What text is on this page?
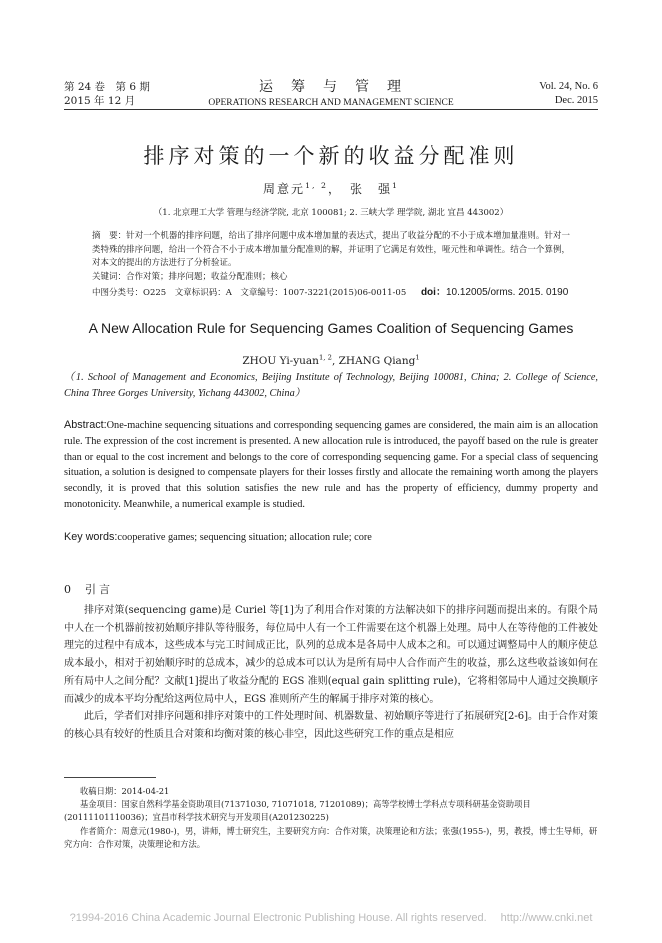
第 24 卷　第 6 期
2015 年 12 月
运　筹　与　管　理
OPERATIONS RESEARCH AND MANAGEMENT SCIENCE
Vol. 24, No. 6
Dec. 2015
排序对策的一个新的收益分配准则
周意元$^{1, 2}$，　张　强$^1$
（1. 北京理工大学 管理与经济学院, 北京 100081; 2. 三峡大学 理学院, 湖北 宜昌 443002）
摘　要：针对一个机器的排序问题，给出了排序问题中成本增加量的表达式，提出了收益分配的不小于成本增加量准则。针对一类特殊的排序问题，给出一个符合不小于成本增加量分配准则的解，并证明了它满足有效性，哑元性和单调性。结合一个算例，对本文的提出的方法进行了分析验证。
关键词：合作对策；排序问题；收益分配准则；核心
中图分类号：O225　文章标识码：A　文章编号：1007-3221(2015)06-0011-05 doi：10.12005/orms. 2015. 0190
A New Allocation Rule for Sequencing Games Coalition of Sequencing Games
ZHOU Yi-yuan$^{1, 2}$, ZHANG Qiang$^1$
（1. School of Management and Economics, Beijing Institute of Technology, Beijing 100081, China; 2. College of Science, China Three Gorges University, Yichang 443002, China）
Abstract:One-machine sequencing situations and corresponding sequencing games are considered, the main aim is an allocation rule. The expression of the cost increment is presented. A new allocation rule is introduced, the payoff based on the rule is greater than or equal to the cost increment and belongs to the core of corresponding sequencing game. For a special class of sequencing situation, a solution is designed to compensate players for their losses firstly and allocate the remaining worth among the players secondly, it is proved that this solution satisfies the new rule and has the property of efficiency, dummy property and monotonicity. Meanwhile, a numerical example is studied.
Key words:cooperative games; sequencing situation; allocation rule; core
0 引言

排序对策(sequencing game)是 Curiel 等[1]为了利用合作对策的方法解决如下的排序问题而提出来的。有限个局中人在一个机器前按初始顺序排队等待服务，每位局中人有一个工件需要在这个机器上处理。局中人在等待他的工件被处理完的过程中有成本，这些成本与完工时间成正比，队列的总成本是各局中人成本之和。可以通过调整局中人的顺序使总成本最小，相对于初始顺序时的总成本，减少的总成本可以认为是所有局中人合作而产生的收益，那么这些收益该如何在所有局中人之间分配？文献[1]提出了收益分配的 EGS 准则(equal gain splitting rule)，它将相邻局中人通过交换顺序而减少的成本平均分配给这两位局中人，EGS 准则所产生的解属于排序对策的核心。

此后，学者们对排序问题和排序对策中的工件处理时间、机器数量、初始顺序等进行了拓展研究[2-6]。由于合作对策的核心具有较好的性质且合对策和均衡对策的核心非空，因此这些研究工作的重点是相应

收稿日期：2014-04-21
基金项目：国家自然科学基金资助项目(71371030, 71071018, 71201089)；高等学校博士学科点专项科研基金资助项目(20111101110036)；宜昌市科学技术研究与开发项目(A201230225)
作者简介：周意元(1980-)，男，讲师，博士研究生，主要研究方向：合作对策，决策理论和方法；张强(1955-)，男，教授，博士生导师，研究方向：合作对策，决策理论和方法。
?1994-2016 China Academic Journal Electronic Publishing House. All rights reserved.　 http://www.cnki.net
